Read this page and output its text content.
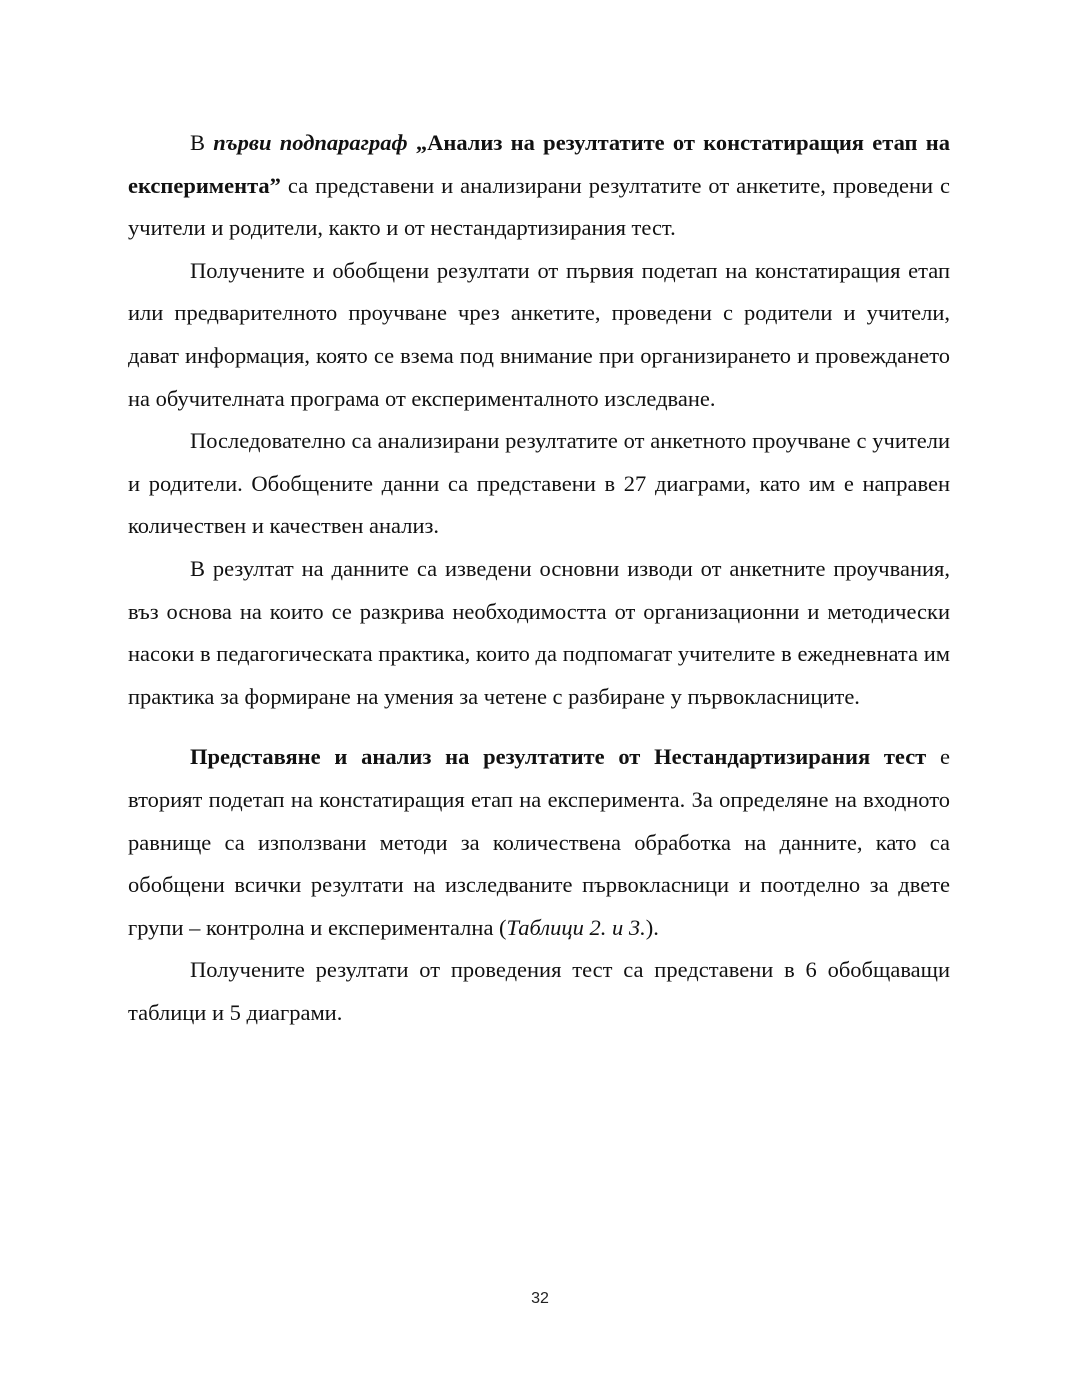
В първи подпараграф „Анализ на резултатите от констатиращия етап на експеримента” са представени и анализирани резултатите от анкетите, проведени с учители и родители, както и от нестандартизирания тест.

Получените и обобщени резултати от първия подетап на констатиращия етап или предварителното проучване чрез анкетите, проведени с родители и учители, дават информация, която се взема под внимание при организирането и провеждането на обучителната програма от експерименталното изследване.

Последователно са анализирани резултатите от анкетното проучване с учители и родители. Обобщените данни са представени в 27 диаграми, като им е направен количествен и качествен анализ.

В резултат на данните са изведени основни изводи от анкетните проучвания, въз основа на които се разкрива необходимостта от организационни и методически насоки в педагогическата практика, които да подпомагат учителите в ежедневната им практика за формиране на умения за четене с разбиране у първокласниците.

Представяне и анализ на резултатите от Нестандартизирания тест е вторият подетап на констатиращия етап на експеримента. За определяне на входното равнище са използвани методи за количествена обработка на данните, като са обобщени всички резултати на изследваните първокласници и поотделно за двете групи – контролна и експериментална (Таблици 2. и 3.).

Получените резултати от проведения тест са представени в 6 обобщаващи таблици и 5 диаграми.

32
